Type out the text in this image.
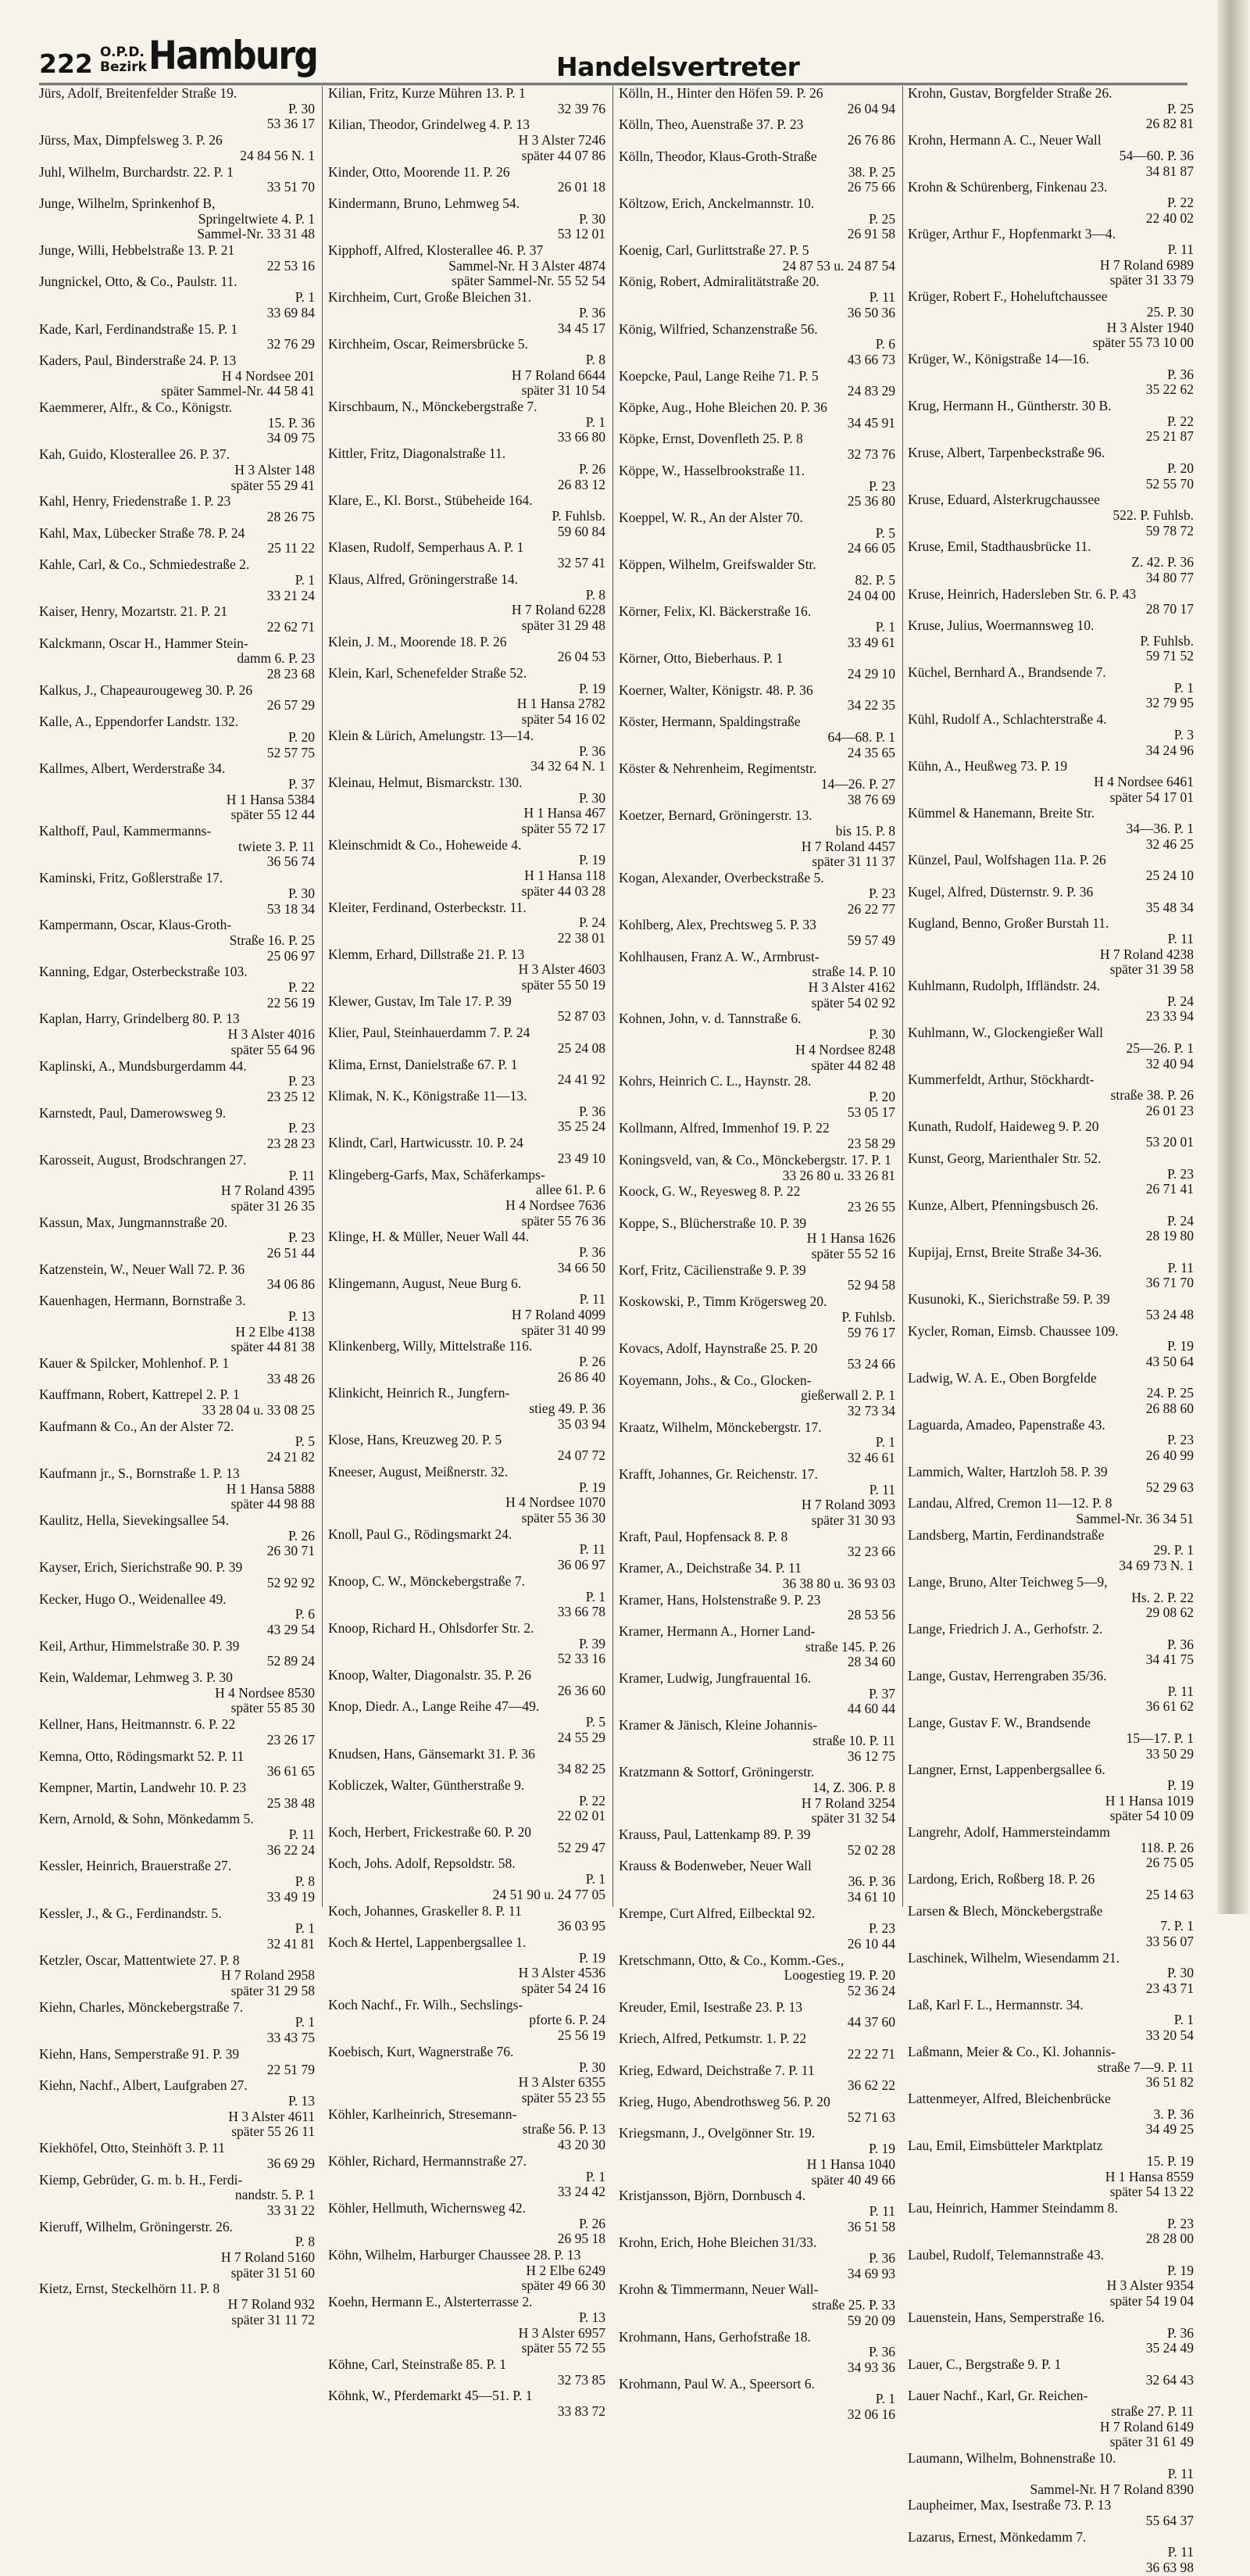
222 O.P.D.
Bezirk Hamburg	Handelsvertreter
Jürs, Adolf, Breitenfelder Straße 19.
P. 30
53 36 17
Jürss, Max, Dimpfelsweg 3. P. 26
24 84 56 N. 1
Juhl, Wilhelm, Burchardstr. 22. P. 1
33 51 70
Junge, Wilhelm, Sprinkenhof B,
Springeltwiete 4. P. 1
Sammel-Nr. 33 31 48
Junge, Willi, Hebbelstraße 13. P. 21
22 53 16
Jungnickel, Otto, & Co., Paulstr. 11.
P. 1
33 69 84
Kade, Karl, Ferdinandstraße 15. P. 1
32 76 29
Kaders, Paul, Binderstraße 24. P. 13
H 4 Nordsee 201
später Sammel-Nr. 44 58 41
Kaemmerer, Alfr., & Co., Königstr.
15. P. 36
34 09 75
Kah, Guido, Klosterallee 26. P. 37.
H 3 Alster 148
später 55 29 41
Kahl, Henry, Friedenstraße 1. P. 23
28 26 75
Kahl, Max, Lübecker Straße 78. P. 24
25 11 22
Kahle, Carl, & Co., Schmiedestraße 2.
P. 1
33 21 24
Kaiser, Henry, Mozartstr. 21. P. 21
22 62 71
Kalckmann, Oscar H., Hammer Stein-
damm 6. P. 23
28 23 68
Kalkus, J., Chapeaurougeweg 30. P. 26
26 57 29
Kalle, A., Eppendorfer Landstr. 132.
P. 20
52 57 75
Kallmes, Albert, Werderstraße 34.
P. 37
H 1 Hansa 5384
später 55 12 44
Kalthoff, Paul, Kammermanns-
twiete 3. P. 11
36 56 74
Kaminski, Fritz, Goßlerstraße 17.
P. 30
53 18 34
Kampermann, Oscar, Klaus-Groth-
Straße 16. P. 25
25 06 97
Kanning, Edgar, Osterbeckstraße 103.
P. 22
22 56 19
Kaplan, Harry, Grindelberg 80. P. 13
H 3 Alster 4016
später 55 64 96
Kaplinski, A., Mundsburgerdamm 44.
P. 23
23 25 12
Karnstedt, Paul, Damerowsweg 9.
P. 23
23 28 23
Karosseit, August, Brodschrangen 27.
P. 11
H 7 Roland 4395
später 31 26 35
Kassun, Max, Jungmannstraße 20.
P. 23
26 51 44
Katzenstein, W., Neuer Wall 72. P. 36
34 06 86
Kauenhagen, Hermann, Bornstraße 3.
P. 13
H 2 Elbe 4138
später 44 81 38
Kauer & Spilcker, Mohlenhof. P. 1
33 48 26
Kauffmann, Robert, Kattrepel 2. P. 1
33 28 04 u. 33 08 25
Kaufmann & Co., An der Alster 72.
P. 5
24 21 82
Kaufmann jr., S., Bornstraße 1. P. 13
H 1 Hansa 5888
später 44 98 88
Kaulitz, Hella, Sievekingsallee 54.
P. 26
26 30 71
Kayser, Erich, Sierichstraße 90. P. 39
52 92 92
Kecker, Hugo O., Weidenallee 49.
P. 6
43 29 54
Keil, Arthur, Himmelstraße 30. P. 39
52 89 24
Kein, Waldemar, Lehmweg 3. P. 30
H 4 Nordsee 8530
später 55 85 30
Kellner, Hans, Heitmannstr. 6. P. 22
23 26 17
Kemna, Otto, Rödingsmarkt 52. P. 11
36 61 65
Kempner, Martin, Landwehr 10. P. 23
25 38 48
Kern, Arnold, & Sohn, Mönkedamm 5.
P. 11
36 22 24
Kessler, Heinrich, Brauerstraße 27.
P. 8
33 49 19
Kessler, J., & G., Ferdinandstr. 5.
P. 1
32 41 81
Ketzler, Oscar, Mattentwiete 27. P. 8
H 7 Roland 2958
später 31 29 58
Kiehn, Charles, Mönckebergstraße 7.
P. 1
33 43 75
Kiehn, Hans, Semperstraße 91. P. 39
22 51 79
Kiehn, Nachf., Albert, Laufgraben 27.
P. 13
H 3 Alster 4611
später 55 26 11
Kiekhöfel, Otto, Steinhöft 3. P. 11
36 69 29
Kiemp, Gebrüder, G. m. b. H., Ferdi-
nandstr. 5. P. 1
33 31 22
Kieruff, Wilhelm, Gröningerstr. 26.
P. 8
H 7 Roland 5160
später 31 51 60
Kietz, Ernst, Steckelhörn 11. P. 8
H 7 Roland 932
später 31 11 72
Kilian, Fritz, Kurze Mühren 13. P. 1
32 39 76
Kilian, Theodor, Grindelweg 4. P. 13
H 3 Alster 7246
später 44 07 86
Kinder, Otto, Moorende 11. P. 26
26 01 18
Kindermann, Bruno, Lehmweg 54.
P. 30
53 12 01
Kipphoff, Alfred, Klosterallee 46. P. 37
Sammel-Nr. H 3 Alster 4874
später Sammel-Nr. 55 52 54
Kirchheim, Curt, Große Bleichen 31.
P. 36
34 45 17
Kirchheim, Oscar, Reimersbrücke 5.
P. 8
H 7 Roland 6644
später 31 10 54
Kirschbaum, N., Mönckebergstraße 7.
P. 1
33 66 80
Kittler, Fritz, Diagonalstraße 11.
P. 26
26 83 12
Klare, E., Kl. Borst., Stübeheide 164.
P. Fuhlsb.
59 60 84
Klasen, Rudolf, Semperhaus A. P. 1
32 57 41
Klaus, Alfred, Gröningerstraße 14.
P. 8
H 7 Roland 6228
später 31 29 48
Klein, J. M., Moorende 18. P. 26
26 04 53
Klein, Karl, Schenefelder Straße 52.
P. 19
H 1 Hansa 2782
später 54 16 02
Klein & Lürich, Amelungstr. 13—14.
P. 36
34 32 64 N. 1
Kleinau, Helmut, Bismarckstr. 130.
P. 30
H 1 Hansa 467
später 55 72 17
Kleinschmidt & Co., Hoheweide 4.
P. 19
H 1 Hansa 118
später 44 03 28
Kleiter, Ferdinand, Osterbeckstr. 11.
P. 24
22 38 01
Klemm, Erhard, Dillstraße 21. P. 13
H 3 Alster 4603
später 55 50 19
Klewer, Gustav, Im Tale 17. P. 39
52 87 03
Klier, Paul, Steinhauerdamm 7. P. 24
25 24 08
Klima, Ernst, Danielstraße 67. P. 1
24 41 92
Klimak, N. K., Königstraße 11—13.
P. 36
35 25 24
Klindt, Carl, Hartwicusstr. 10. P. 24
23 49 10
Klingeberg-Garfs, Max, Schäferkamps-
allee 61. P. 6
H 4 Nordsee 7636
später 55 76 36
Klinge, H. & Müller, Neuer Wall 44.
P. 36
34 66 50
Klingemann, August, Neue Burg 6.
P. 11
H 7 Roland 4099
später 31 40 99
Klinkenberg, Willy, Mittelstraße 116.
P. 26
26 86 40
Klinkicht, Heinrich R., Jungfern-
stieg 49. P. 36
35 03 94
Klose, Hans, Kreuzweg 20. P. 5
24 07 72
Kneeser, August, Meißnerstr. 32.
P. 19
H 4 Nordsee 1070
später 55 36 30
Knoll, Paul G., Rödingsmarkt 24.
P. 11
36 06 97
Knoop, C. W., Mönckebergstraße 7.
P. 1
33 66 78
Knoop, Richard H., Ohlsdorfer Str. 2.
P. 39
52 33 16
Knoop, Walter, Diagonalstr. 35. P. 26
26 36 60
Knop, Diedr. A., Lange Reihe 47—49.
P. 5
24 55 29
Knudsen, Hans, Gänsemarkt 31. P. 36
34 82 25
Kobliczek, Walter, Güntherstraße 9.
P. 22
22 02 01
Koch, Herbert, Frickestraße 60. P. 20
52 29 47
Koch, Johs. Adolf, Repsoldstr. 58.
P. 1
24 51 90 u. 24 77 05
Koch, Johannes, Graskeller 8. P. 11
36 03 95
Koch & Hertel, Lappenbergsallee 1.
P. 19
H 3 Alster 4536
später 54 24 16
Koch Nachf., Fr. Wilh., Sechslings-
pforte 6. P. 24
25 56 19
Koebisch, Kurt, Wagnerstraße 76.
P. 30
H 3 Alster 6355
später 55 23 55
Köhler, Karlheinrich, Stresemann-
straße 56. P. 13
43 20 30
Köhler, Richard, Hermannstraße 27.
P. 1
33 24 42
Köhler, Hellmuth, Wichernsweg 42.
P. 26
26 95 18
Köhn, Wilhelm, Harburger Chaussee 28. P. 13
H 2 Elbe 6249
später 49 66 30
Koehn, Hermann E., Alsterterrasse 2.
P. 13
H 3 Alster 6957
später 55 72 55
Köhne, Carl, Steinstraße 85. P. 1
32 73 85
Köhnk, W., Pferdemarkt 45—51. P. 1
33 83 72
Kölln, H., Hinter den Höfen 59. P. 26
26 04 94
Kölln, Theo, Auenstraße 37. P. 23
26 76 86
Kölln, Theodor, Klaus-Groth-Straße
38. P. 25
26 75 66
Költzow, Erich, Anckelmannstr. 10.
P. 25
26 91 58
Koenig, Carl, Gurlittstraße 27. P. 5
24 87 53 u. 24 87 54
König, Robert, Admiralitätstraße 20.
P. 11
36 50 36
König, Wilfried, Schanzenstraße 56.
P. 6
43 66 73
Koepcke, Paul, Lange Reihe 71. P. 5
24 83 29
Köpke, Aug., Hohe Bleichen 20. P. 36
34 45 91
Köpke, Ernst, Dovenfleth 25. P. 8
32 73 76
Köppe, W., Hasselbrookstraße 11.
P. 23
25 36 80
Koeppel, W. R., An der Alster 70.
P. 5
24 66 05
Köppen, Wilhelm, Greifswalder Str.
82. P. 5
24 04 00
Körner, Felix, Kl. Bäckerstraße 16.
P. 1
33 49 61
Körner, Otto, Bieberhaus. P. 1
24 29 10
Koerner, Walter, Königstr. 48. P. 36
34 22 35
Köster, Hermann, Spaldingstraße
64—68. P. 1
24 35 65
Köster & Nehrenheim, Regimentstr.
14—26. P. 27
38 76 69
Koetzer, Bernard, Gröningerstr. 13.
bis 15. P. 8
H 7 Roland 4457
später 31 11 37
Kogan, Alexander, Overbeckstraße 5.
P. 23
26 22 77
Kohlberg, Alex, Prechtsweg 5. P. 33
59 57 49
Kohlhausen, Franz A. W., Armbrust-
straße 14. P. 10
H 3 Alster 4162
später 54 02 92
Kohnen, John, v. d. Tannstraße 6.
P. 30
H 4 Nordsee 8248
später 44 82 48
Kohrs, Heinrich C. L., Haynstr. 28.
P. 20
53 05 17
Kollmann, Alfred, Immenhof 19. P. 22
23 58 29
Koningsveld, van, & Co., Mönckebergstr. 17. P. 1
33 26 80 u. 33 26 81
Koock, G. W., Reyesweg 8. P. 22
23 26 55
Koppe, S., Blücherstraße 10. P. 39
H 1 Hansa 1626
später 55 52 16
Korf, Fritz, Cäcilienstraße 9. P. 39
52 94 58
Koskowski, P., Timm Krögersweg 20.
P. Fuhlsb.
59 76 17
Kovacs, Adolf, Haynstraße 25. P. 20
53 24 66
Koyemann, Johs., & Co., Glocken-
gießerwall 2. P. 1
32 73 34
Kraatz, Wilhelm, Mönckebergstr. 17.
P. 1
32 46 61
Krafft, Johannes, Gr. Reichenstr. 17.
P. 11
H 7 Roland 3093
später 31 30 93
Kraft, Paul, Hopfensack 8. P. 8
32 23 66
Kramer, A., Deichstraße 34. P. 11
36 38 80 u. 36 93 03
Kramer, Hans, Holstenstraße 9. P. 23
28 53 56
Kramer, Hermann A., Horner Land-
straße 145. P. 26
28 34 60
Kramer, Ludwig, Jungfrauental 16.
P. 37
44 60 44
Kramer & Jänisch, Kleine Johannis-
straße 10. P. 11
36 12 75
Kratzmann & Sottorf, Gröningerstr.
14, Z. 306. P. 8
H 7 Roland 3254
später 31 32 54
Krauss, Paul, Lattenkamp 89. P. 39
52 02 28
Krauss & Bodenweber, Neuer Wall
36. P. 36
34 61 10
Krempe, Curt Alfred, Eilbecktal 92.
P. 23
26 10 44
Kretschmann, Otto, & Co., Komm.-Ges.,
Loogestieg 19. P. 20
52 36 24
Kreuder, Emil, Isestraße 23. P. 13
44 37 60
Kriech, Alfred, Petkumstr. 1. P. 22
22 22 71
Krieg, Edward, Deichstraße 7. P. 11
36 62 22
Krieg, Hugo, Abendrothsweg 56. P. 20
52 71 63
Kriegsmann, J., Ovelgönner Str. 19.
P. 19
H 1 Hansa 1040
später 40 49 66
Kristjansson, Björn, Dornbusch 4.
P. 11
36 51 58
Krohn, Erich, Hohe Bleichen 31/33.
P. 36
34 69 93
Krohn & Timmermann, Neuer Wall-
straße 25. P. 33
59 20 09
Krohmann, Hans, Gerhofstraße 18.
P. 36
34 93 36
Krohmann, Paul W. A., Speersort 6.
P. 1
32 06 16
Krohn, Gustav, Borgfelder Straße 26.
P. 25
26 82 81
Krohn, Hermann A. C., Neuer Wall
54—60. P. 36
34 81 87
Krohn & Schürenberg, Finkenau 23.
P. 22
22 40 02
Krüger, Arthur F., Hopfenmarkt 3—4.
P. 11
H 7 Roland 6989
später 31 33 79
Krüger, Robert F., Hoheluftchaussee
25. P. 30
H 3 Alster 1940
später 55 73 10 00
Krüger, W., Königstraße 14—16.
P. 36
35 22 62
Krug, Hermann H., Güntherstr. 30 B.
P. 22
25 21 87
Kruse, Albert, Tarpenbeckstraße 96.
P. 20
52 55 70
Kruse, Eduard, Alsterkrugchaussee
522. P. Fuhlsb.
59 78 72
Kruse, Emil, Stadthausbrücke 11.
Z. 42. P. 36
34 80 77
Kruse, Heinrich, Hadersleben Str. 6. P. 43
28 70 17
Kruse, Julius, Woermannsweg 10.
P. Fuhlsb.
59 71 52
Küchel, Bernhard A., Brandsende 7.
P. 1
32 79 95
Kühl, Rudolf A., Schlachterstraße 4.
P. 3
34 24 96
Kühn, A., Heußweg 73. P. 19
H 4 Nordsee 6461
später 54 17 01
Kümmel & Hanemann, Breite Str.
34—36. P. 1
32 46 25
Künzel, Paul, Wolfshagen 11a. P. 26
25 24 10
Kugel, Alfred, Düsternstr. 9. P. 36
35 48 34
Kugland, Benno, Großer Burstah 11.
P. 11
H 7 Roland 4238
später 31 39 58
Kuhlmann, Rudolph, Iffländstr. 24.
P. 24
23 33 94
Kuhlmann, W., Glockengießer Wall
25—26. P. 1
32 40 94
Kummerfeldt, Arthur, Stöckhardt-
straße 38. P. 26
26 01 23
Kunath, Rudolf, Haideweg 9. P. 20
53 20 01
Kunst, Georg, Marienthaler Str. 52.
P. 23
26 71 41
Kunze, Albert, Pfenningsbusch 26.
P. 24
28 19 80
Kupijaj, Ernst, Breite Straße 34-36.
P. 11
36 71 70
Kusunoki, K., Sierichstraße 59. P. 39
53 24 48
Kycler, Roman, Eimsb. Chaussee 109.
P. 19
43 50 64
Ladwig, W. A. E., Oben Borgfelde
24. P. 25
26 88 60
Laguarda, Amadeo, Papenstraße 43.
P. 23
26 40 99
Lammich, Walter, Hartzloh 58. P. 39
52 29 63
Landau, Alfred, Cremon 11—12. P. 8
Sammel-Nr. 36 34 51
Landsberg, Martin, Ferdinandstraße
29. P. 1
34 69 73 N. 1
Lange, Bruno, Alter Teichweg 5—9,
Hs. 2. P. 22
29 08 62
Lange, Friedrich J. A., Gerhofstr. 2.
P. 36
34 41 75
Lange, Gustav, Herrengraben 35/36.
P. 11
36 61 62
Lange, Gustav F. W., Brandsende
15—17. P. 1
33 50 29
Langner, Ernst, Lappenbergsallee 6.
P. 19
H 1 Hansa 1019
später 54 10 09
Langrehr, Adolf, Hammersteindamm
118. P. 26
26 75 05
Lardong, Erich, Roßberg 18. P. 26
25 14 63
Larsen & Blech, Mönckebergstraße
7. P. 1
33 56 07
Laschinek, Wilhelm, Wiesendamm 21.
P. 30
23 43 71
Laß, Karl F. L., Hermannstr. 34.
P. 1
33 20 54
Laßmann, Meier & Co., Kl. Johannis-
straße 7—9. P. 11
36 51 82
Lattenmeyer, Alfred, Bleichenbrücke
3. P. 36
34 49 25
Lau, Emil, Eimsbütteler Marktplatz
15. P. 19
H 1 Hansa 8559
später 54 13 22
Lau, Heinrich, Hammer Steindamm 8.
P. 23
28 28 00
Laubel, Rudolf, Telemannstraße 43.
P. 19
H 3 Alster 9354
später 54 19 04
Lauenstein, Hans, Semperstraße 16.
P. 36
35 24 49
Lauer, C., Bergstraße 9. P. 1
32 64 43
Lauer Nachf., Karl, Gr. Reichen-
straße 27. P. 11
H 7 Roland 6149
später 31 61 49
Laumann, Wilhelm, Bohnenstraße 10.
P. 11
Sammel-Nr. H 7 Roland 8390
Laupheimer, Max, Isestraße 73. P. 13
55 64 37
Lazarus, Ernest, Mönkedamm 7.
P. 11
36 63 98
